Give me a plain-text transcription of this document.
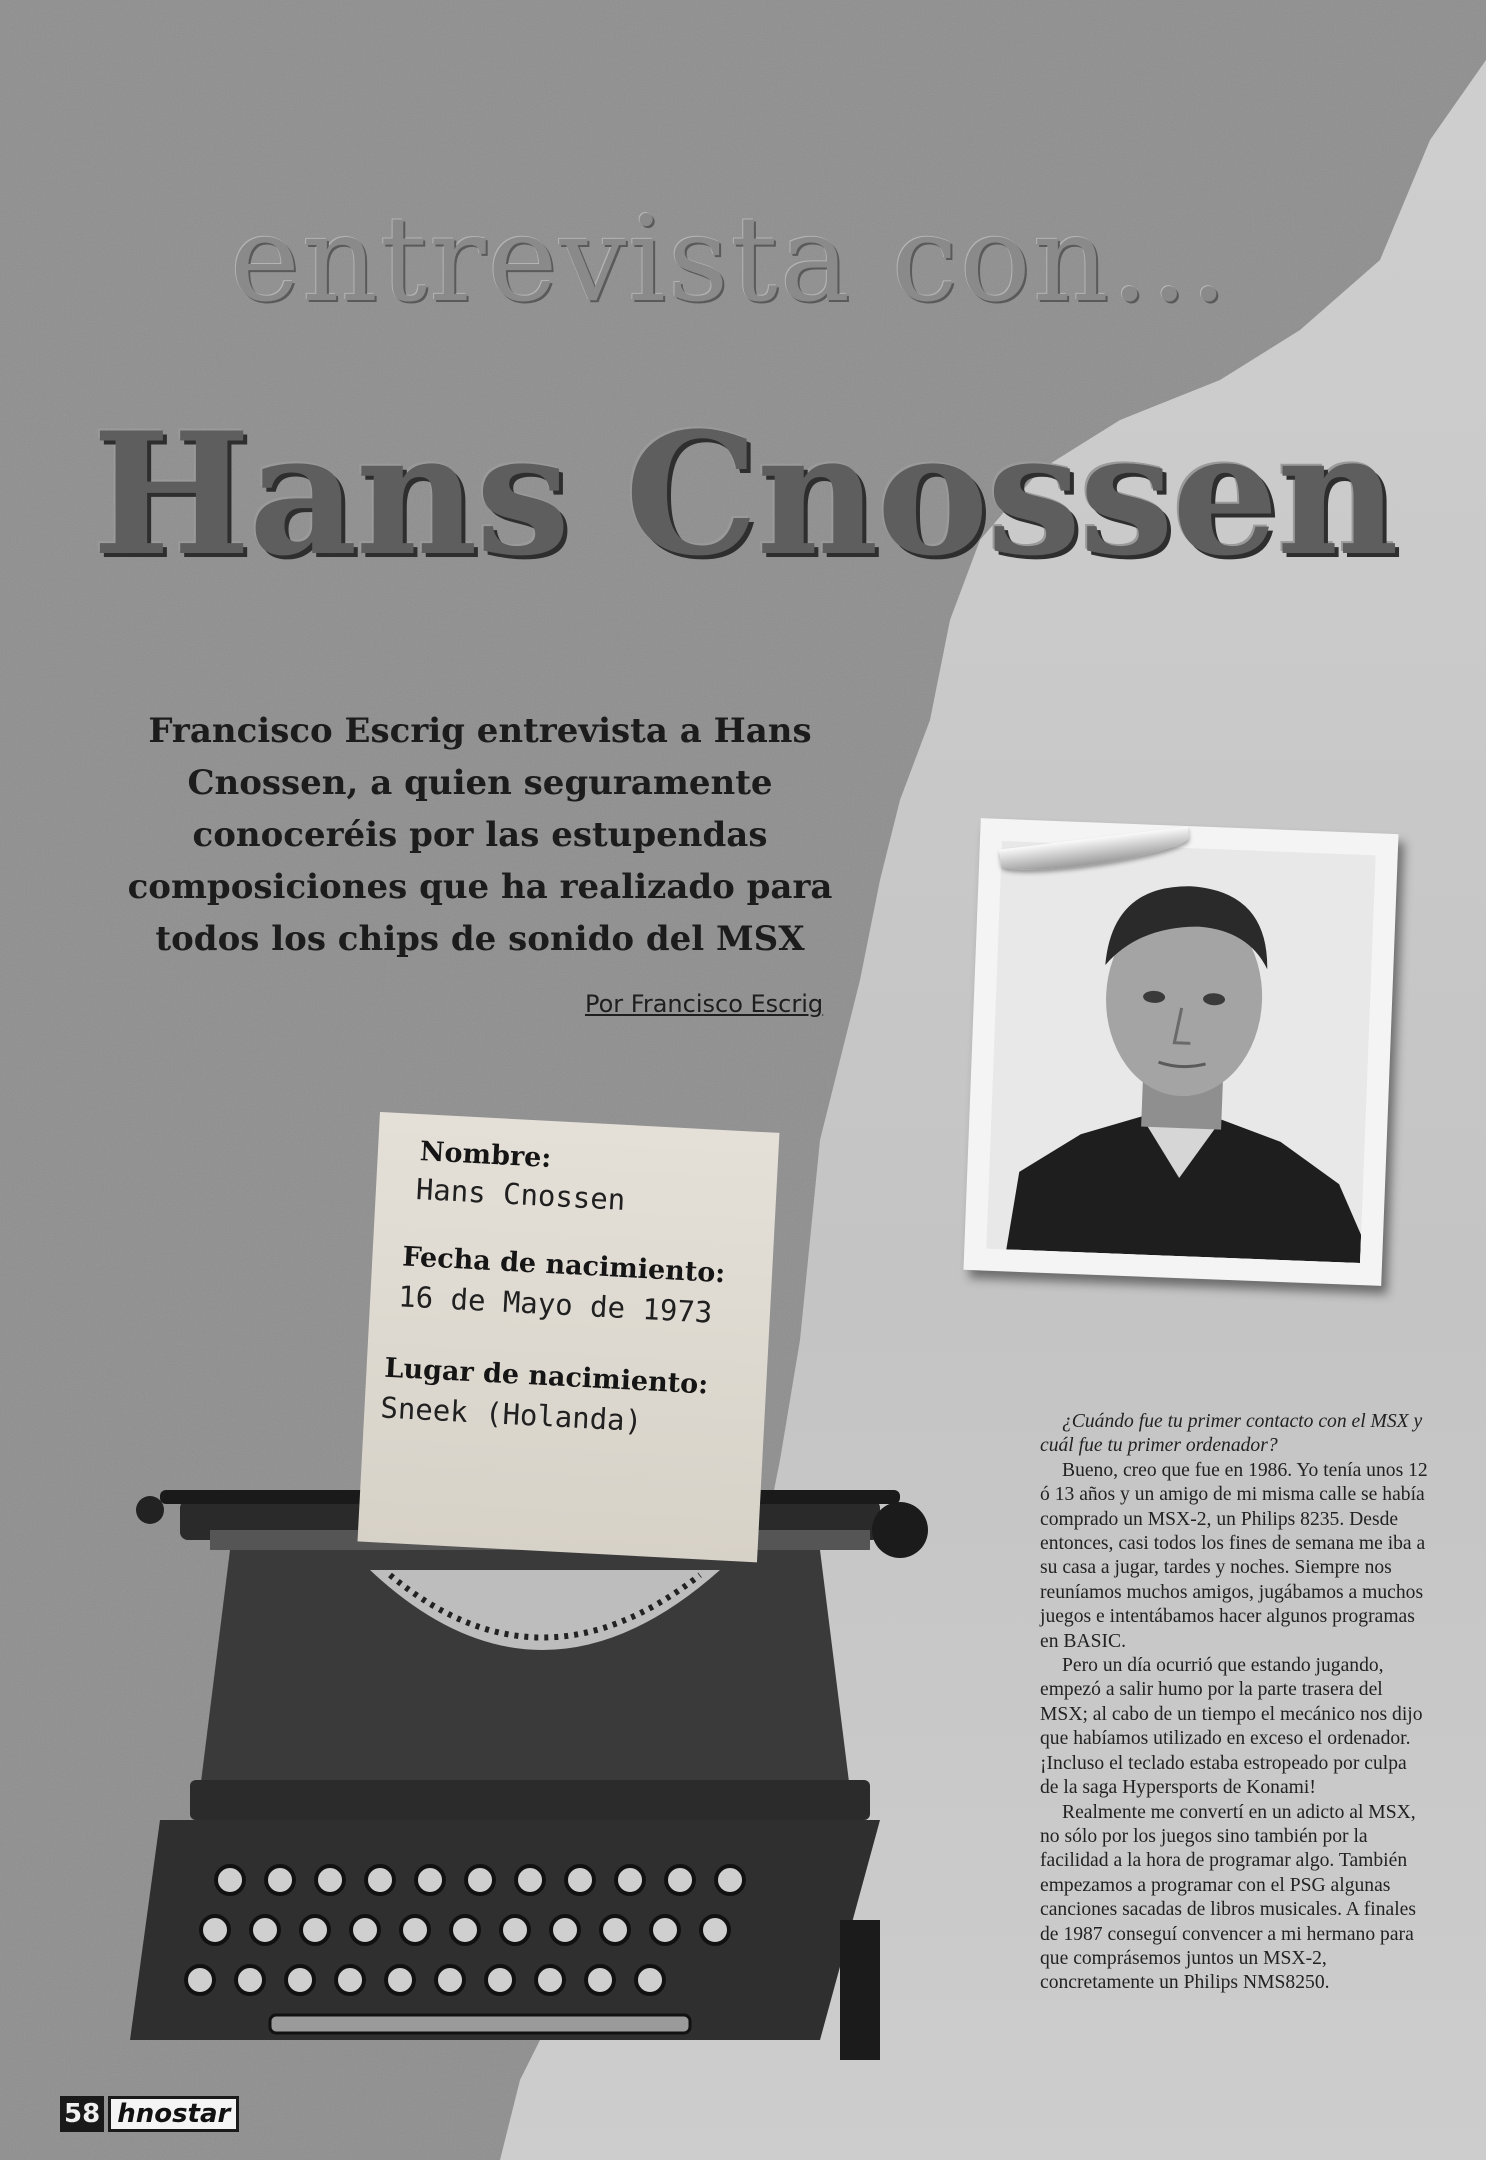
entrevista con...
Hans Cnossen
Francisco Escrig entrevista a Hans Cnossen, a quien seguramente conoceréis por las estupendas composiciones que ha realizado para todos los chips de sonido del MSX
Por Francisco Escrig
Nombre:
Hans Cnossen
Fecha de nacimiento:
16 de Mayo de 1973
Lugar de nacimiento:
Sneek (Holanda)	¿Cuándo fue tu primer contacto con el MSX y cuál fue tu primer ordenador?

Bueno, creo que fue en 1986. Yo tenía unos 12 ó 13 años y un amigo de mi misma calle se había comprado un MSX-2, un Philips 8235. Desde entonces, casi todos los fines de semana me iba a su casa a jugar, tardes y noches. Siempre nos reuníamos muchos amigos, jugábamos a muchos juegos e intentábamos hacer algunos programas en BASIC.

Pero un día ocurrió que estando jugando, empezó a salir humo por la parte trasera del MSX; al cabo de un tiempo el mecánico nos dijo que habíamos utilizado en exceso el ordenador. ¡Incluso el teclado estaba estropeado por culpa de la saga Hypersports de Konami!

Realmente me convertí en un adicto al MSX, no sólo por los juegos sino también por la facilidad a la hora de programar algo. También empezamos a programar con el PSG algunas canciones sacadas de libros musicales. A finales de 1987 conseguí convencer a mi hermano para que comprásemos juntos un MSX-2, concretamente un Philips NMS8250.

58 hnostar
